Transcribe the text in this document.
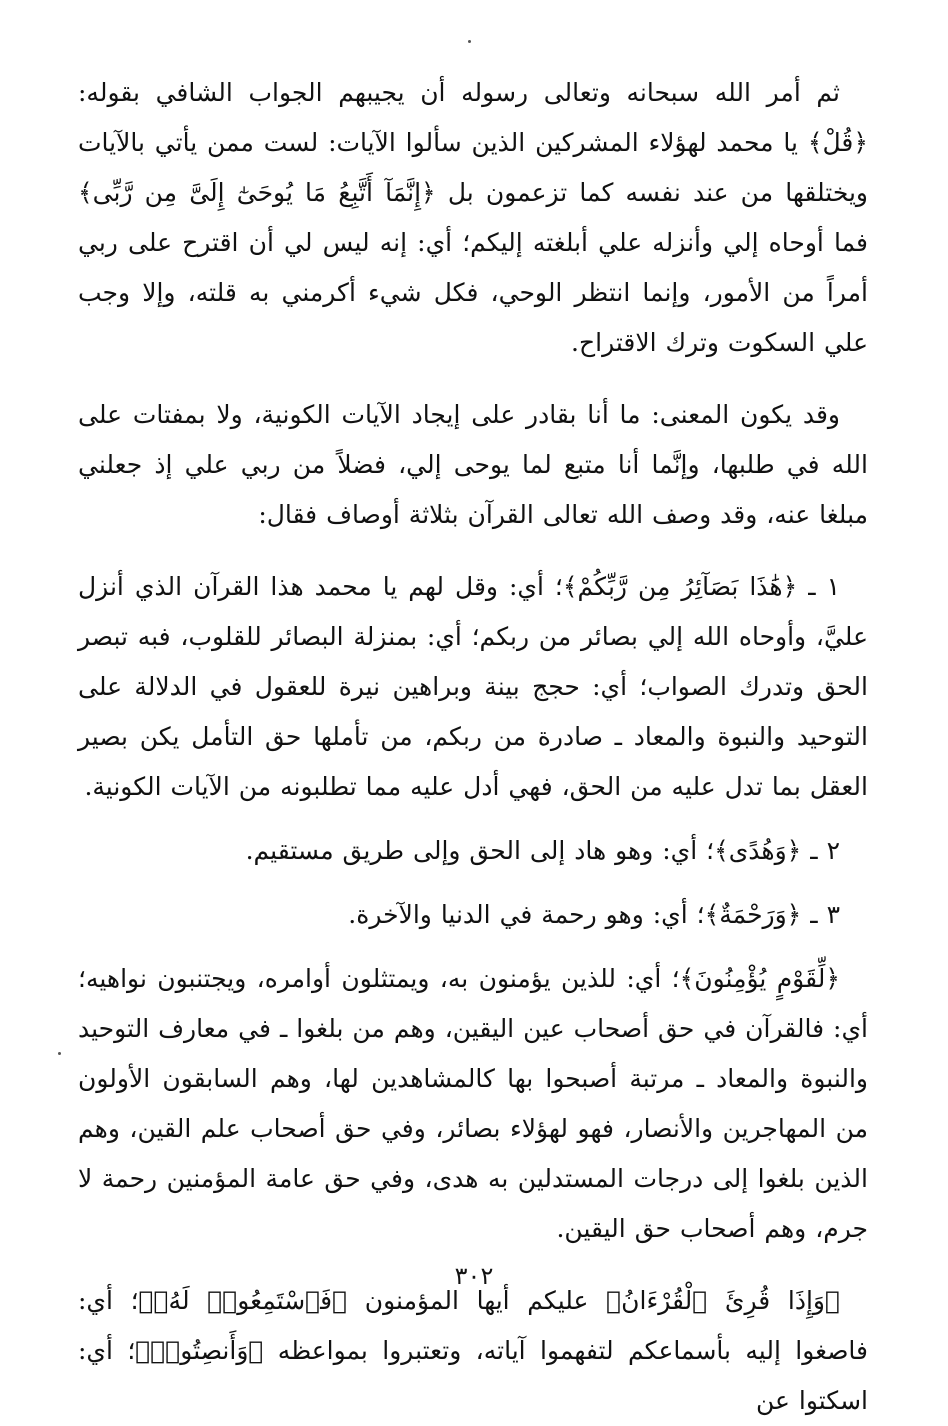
ثم أمر الله سبحانه وتعالى رسوله أن يجيبهم الجواب الشافي بقوله: ﴿قُلْ﴾ يا محمد لهؤلاء المشركين الذين سألوا الآيات: لست ممن يأتي بالآيات ويختلقها من عند نفسه كما تزعمون بل ﴿إِنَّمَآ أَتَّبِعُ مَا يُوحَىٰٓ إِلَىَّ مِن رَّبِّى﴾ فما أوحاه إلي وأنزله علي أبلغته إليكم؛ أي: إنه ليس لي أن اقترح على ربي أمراً من الأمور، وإنما انتظر الوحي، فكل شيء أكرمني به قلته، وإلا وجب علي السكوت وترك الاقتراح.

وقد يكون المعنى: ما أنا بقادر على إيجاد الآيات الكونية، ولا بمفتات على الله في طلبها، وإنَّما أنا متبع لما يوحى إلي، فضلاً من ربي علي إذ جعلني مبلغا عنه، وقد وصف الله تعالى القرآن بثلاثة أوصاف فقال:

١ ـ ﴿هَٰذَا بَصَآئِرُ مِن رَّبِّكُمْ﴾؛ أي: وقل لهم يا محمد هذا القرآن الذي أنزل عليَّ، وأوحاه الله إلي بصائر من ربكم؛ أي: بمنزلة البصائر للقلوب، فبه تبصر الحق وتدرك الصواب؛ أي: حجج بينة وبراهين نيرة للعقول في الدلالة على التوحيد والنبوة والمعاد ـ صادرة من ربكم، من تأملها حق التأمل يكن بصير العقل بما تدل عليه من الحق، فهي أدل عليه مما تطلبونه من الآيات الكونية.

٢ ـ ﴿وَهُدًى﴾؛ أي: وهو هاد إلى الحق وإلى طريق مستقيم.

٣ ـ ﴿وَرَحْمَةٌ﴾؛ أي: وهو رحمة في الدنيا والآخرة.

﴿لِّقَوْمٍ يُؤْمِنُونَ﴾؛ أي: للذين يؤمنون به، ويمتثلون أوامره، ويجتنبون نواهيه؛ أي: فالقرآن في حق أصحاب عين اليقين، وهم من بلغوا ـ في معارف التوحيد والنبوة والمعاد ـ مرتبة أصبحوا بها كالمشاهدين لها، وهم السابقون الأولون من المهاجرين والأنصار، فهو لهؤلاء بصائر، وفي حق أصحاب علم القين، وهم الذين بلغوا إلى درجات المستدلين به هدى، وفي حق عامة المؤمنين رحمة لا جرم، وهم أصحاب حق اليقين.

﴿وَإِذَا قُرِئَ ٱلْقُرْءَانُ﴾ عليكم أيها المؤمنون ﴿فَٱسْتَمِعُوا۟ لَهُۥ﴾؛ أي: فاصغوا إليه بأسماعكم لتفهموا آياته، وتعتبروا بمواعظه ﴿وَأَنصِتُوا۟﴾؛ أي: اسكتوا عن

٣٠٢
